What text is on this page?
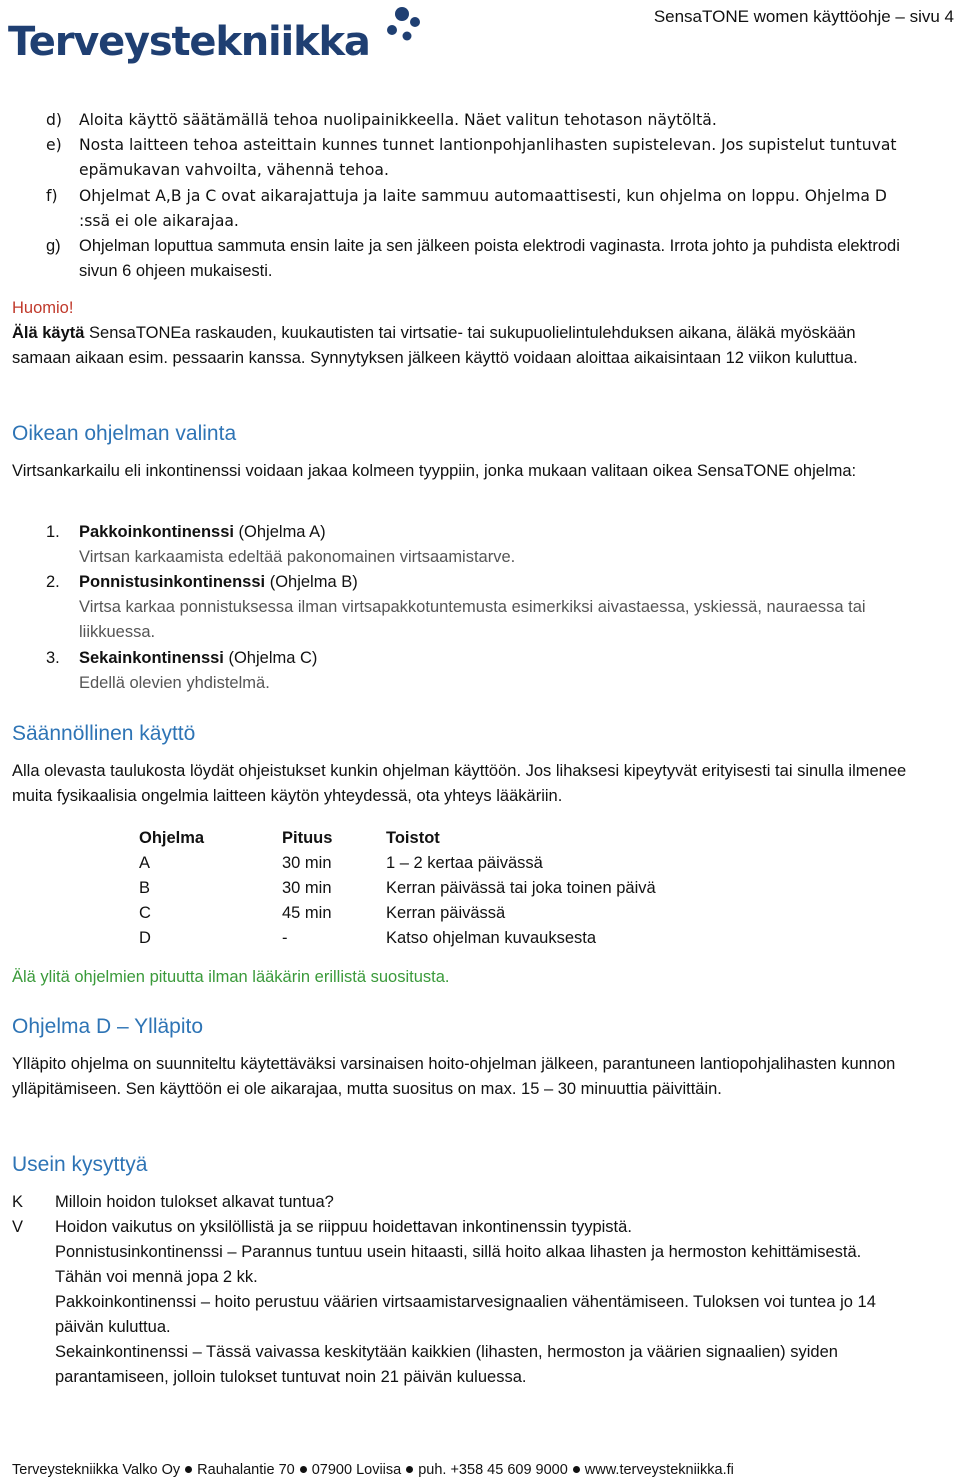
Terveystekniikka
SensaTONE women käyttöohje – sivu 4
d) Aloita käyttö säätämällä tehoa nuolipainikkeella. Näet valitun tehotason näytöltä.
e) Nosta laitteen tehoa asteittain kunnes tunnet lantionpohjanlihasten supistelevan. Jos supistelut tuntuvat epämukavan vahvoilta, vähennä tehoa.
f) Ohjelmat A,B ja C ovat aikarajattuja ja laite sammuu automaattisesti, kun ohjelma on loppu. Ohjelma D :ssä ei ole aikarajaa.
g) Ohjelman loputtua sammuta ensin laite ja sen jälkeen poista elektrodi vaginasta. Irrota johto ja puhdista elektrodi sivun 6 ohjeen mukaisesti.
Huomio!
Älä käytä SensaTONEa raskauden, kuukautisten tai virtsatie- tai sukupuolielintulehduksen aikana, äläkä myöskään samaan aikaan esim. pessaarin kanssa. Synnytyksen jälkeen käyttö voidaan aloittaa aikaisintaan 12 viikon kuluttua.
Oikean ohjelman valinta
Virtsankarkailu eli inkontinenssi voidaan jakaa kolmeen tyyppiin, jonka mukaan valitaan oikea SensaTONE ohjelma:
1. Pakkoinkontinenssi (Ohjelma A)
Virtsan karkaamista edeltää pakonomainen virtsaamistarve.
2. Ponnistusinkontinenssi (Ohjelma B)
Virtsa karkaa ponnistuksessa ilman virtsapakkotuntemusta esimerkiksi aivastaessa, yskiessä, nauraessa tai liikkuessa.
3. Sekainkontinenssi (Ohjelma C)
Edellä olevien yhdistelmä.
Säännöllinen käyttö
Alla olevasta taulukosta löydät ohjeistukset kunkin ohjelman käyttöön. Jos lihaksesi kipeytyvät erityisesti tai sinulla ilmenee muita fysikaalisia ongelmia laitteen käytön yhteydessä, ota yhteys lääkäriin.
Ohjelma	Pituus	Toistot
A	30 min	1 – 2 kertaa päivässä
B	30 min	Kerran päivässä tai joka toinen päivä
C	45 min	Kerran päivässä
D	-	Katso ohjelman kuvauksesta
Älä ylitä ohjelmien pituutta ilman lääkärin erillistä suositusta.
Ohjelma D – Ylläpito
Ylläpito ohjelma on suunniteltu käytettäväksi varsinaisen hoito-ohjelman jälkeen, parantuneen lantiopohjalihasten kunnon ylläpitämiseen. Sen käyttöön ei ole aikarajaa, mutta suositus on max. 15 – 30 minuuttia päivittäin.
Usein kysyttyä
K Milloin hoidon tulokset alkavat tuntua?
V Hoidon vaikutus on yksilöllistä ja se riippuu hoidettavan inkontinenssin tyypistä.
Ponnistusinkontinenssi – Parannus tuntuu usein hitaasti, sillä hoito alkaa lihasten ja hermoston kehittämisestä. Tähän voi mennä jopa 2 kk.
Pakkoinkontinenssi – hoito perustuu väärien virtsaamistarvesignaalien vähentämiseen. Tuloksen voi tuntea jo 14 päivän kuluttua.
Sekainkontinenssi – Tässä vaivassa keskitytään kaikkien (lihasten, hermoston ja väärien signaalien) syiden parantamiseen, jolloin tulokset tuntuvat noin 21 päivän kuluessa.
Terveystekniikka Valko Oy Rauhalantie 70 07900 Loviisa puh. +358 45 609 9000 www.terveystekniikka.fi
